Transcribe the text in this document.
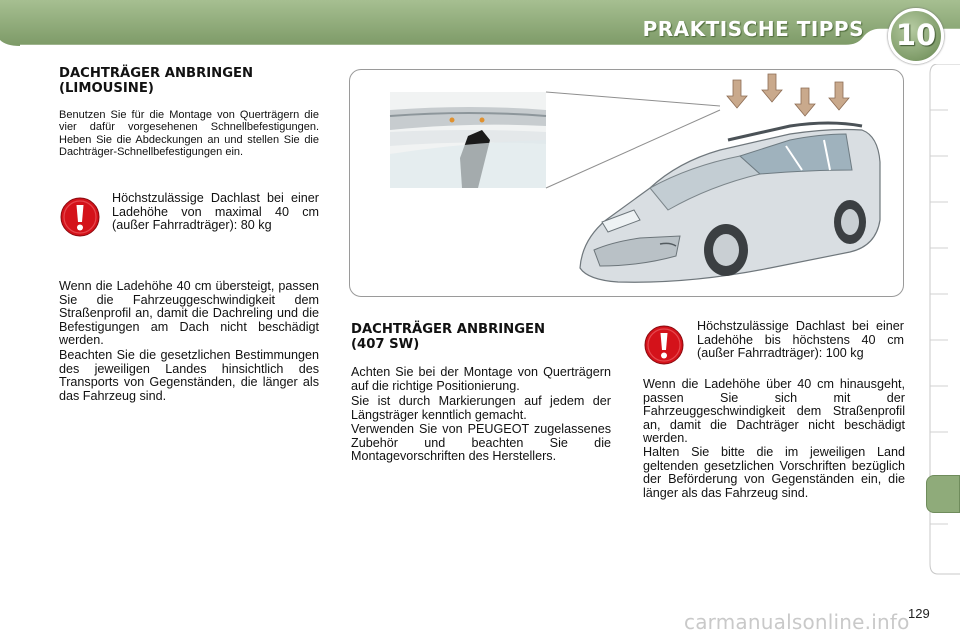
PRAKTISCHE TIPPS 10
DACHTRÄGER ANBRINGEN
(LIMOUSINE)
Benutzen Sie für die Montage von Querträgern die vier dafür vorgesehenen Schnellbefestigungen. Heben Sie die Abdeckungen an und stellen Sie die Dachträger-Schnellbefestigungen ein.
Höchstzulässige Dachlast bei einer Ladehöhe von maximal 40 cm (außer Fahrradträger): 80 kg
Wenn die Ladehöhe 40 cm übersteigt, passen Sie die Fahrzeuggeschwindigkeit dem Straßenprofil an, damit die Dachreling und die Befestigungen am Dach nicht beschädigt werden.
Beachten Sie die gesetzlichen Bestimmungen des jeweiligen Landes hinsichtlich des Transports von Gegenständen, die länger als das Fahrzeug sind.
DACHTRÄGER ANBRINGEN
(407 SW)
Achten Sie bei der Montage von Querträgern auf die richtige Positionierung.
Sie ist durch Markierungen auf jedem der Längsträger kenntlich gemacht.
Verwenden Sie von PEUGEOT zugelassenes Zubehör und beachten Sie die Montagevorschriften des Herstellers.
Höchstzulässige Dachlast bei einer Ladehöhe bis höchstens 40 cm (außer Fahrradträger): 100 kg
Wenn die Ladehöhe über 40 cm hinausgeht, passen Sie sich mit der Fahrzeuggeschwindigkeit dem Straßenprofil an, damit die Dachträger nicht beschädigt werden.
Halten Sie bitte die im jeweiligen Land geltenden gesetzlichen Vorschriften bezüglich der Beförderung von Gegenständen ein, die länger als das Fahrzeug sind.
carmanualsonline.info
129
